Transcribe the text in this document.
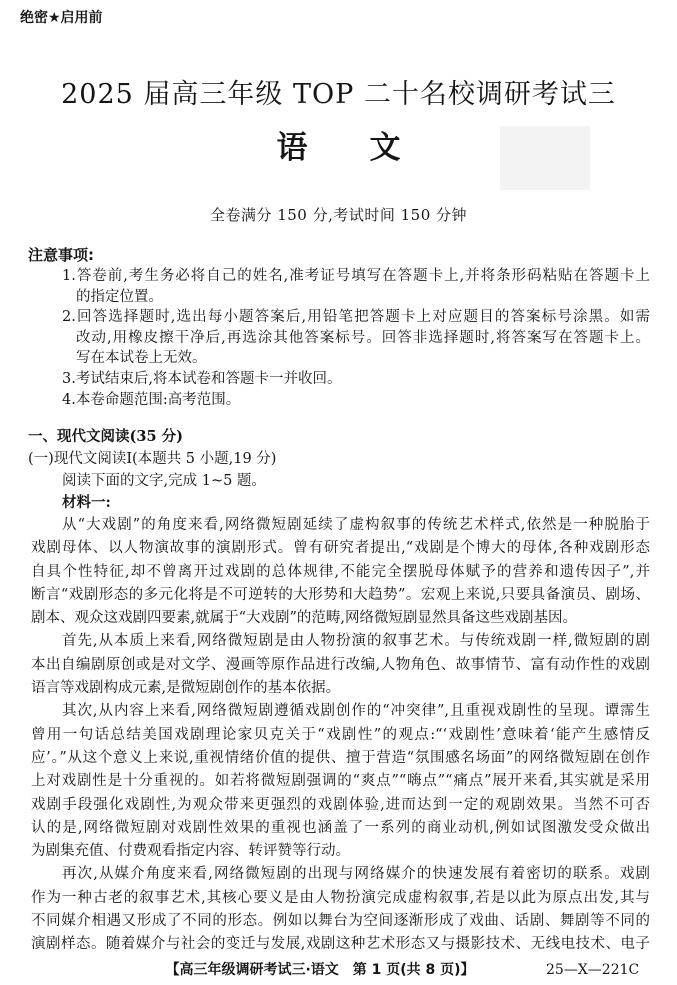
绝密★启用前
2025 届高三年级 TOP 二十名校调研考试三
语　文
全卷满分 150 分,考试时间 150 分钟
注意事项:
1.答卷前,考生务必将自己的姓名,准考证号填写在答题卡上,并将条形码粘贴在答题卡上
的指定位置。
2.回答选择题时,选出每小题答案后,用铅笔把答题卡上对应题目的答案标号涂黑。如需
改动,用橡皮擦干净后,再选涂其他答案标号。回答非选择题时,将答案写在答题卡上。
写在本试卷上无效。
3.考试结束后,将本试卷和答题卡一并收回。
4.本卷命题范围:高考范围。
一、现代文阅读(35 分)
(一)现代文阅读Ⅰ(本题共 5 小题,19 分)
阅读下面的文字,完成 1~5 题。
材料一:
从“大戏剧”的角度来看,网络微短剧延续了虚构叙事的传统艺术样式,依然是一种脱胎于
戏剧母体、以人物演故事的演剧形式。曾有研究者提出,“戏剧是个博大的母体,各种戏剧形态
自具个性特征,却不曾离开过戏剧的总体规律,不能完全摆脱母体赋予的营养和遗传因子”,并
断言“戏剧形态的多元化将是不可逆转的大形势和大趋势”。宏观上来说,只要具备演员、剧场、
剧本、观众这戏剧四要素,就属于“大戏剧”的范畴,网络微短剧显然具备这些戏剧基因。
首先,从本质上来看,网络微短剧是由人物扮演的叙事艺术。与传统戏剧一样,微短剧的剧
本出自编剧原创或是对文学、漫画等原作品进行改编,人物角色、故事情节、富有动作性的戏剧
语言等戏剧构成元素,是微短剧创作的基本依据。
其次,从内容上来看,网络微短剧遵循戏剧创作的“冲突律”,且重视戏剧性的呈现。谭霈生
曾用一句话总结美国戏剧理论家贝克关于“戏剧性”的观点:“‘戏剧性’意味着‘能产生感情反
应’。”从这个意义上来说,重视情绪价值的提供、擅于营造“氛围感名场面”的网络微短剧在创作
上对戏剧性是十分重视的。如若将微短剧强调的“爽点”“嗨点”“痛点”展开来看,其实就是采用
戏剧手段强化戏剧性,为观众带来更强烈的戏剧体验,进而达到一定的观剧效果。当然不可否
认的是,网络微短剧对戏剧性效果的重视也涵盖了一系列的商业动机,例如试图激发受众做出
为剧集充值、付费观看指定内容、转评赞等行动。
再次,从媒介角度来看,网络微短剧的出现与网络媒介的快速发展有着密切的联系。戏剧
作为一种古老的叙事艺术,其核心要义是由人物扮演完成虚构叙事,若是以此为原点出发,其与
不同媒介相遇又形成了不同的形态。例如以舞台为空间逐渐形成了戏曲、话剧、舞剧等不同的
演剧样态。随着媒介与社会的变迁与发展,戏剧这种艺术形态又与摄影技术、无线电技术、电子
【高三年级调研考试三·语文　第 1 页(共 8 页)】	25—X—221C
